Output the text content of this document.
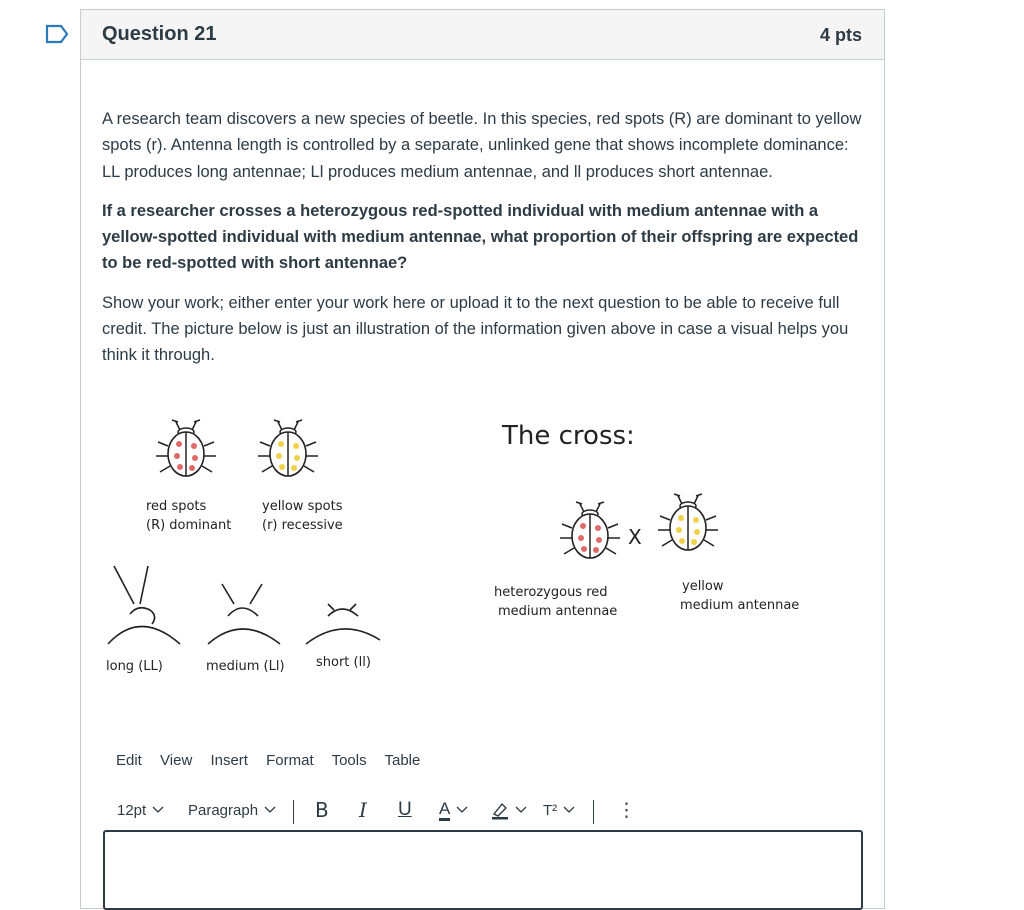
Question 21	4 pts

A research team discovers a new species of beetle. In this species, red spots (R) are dominant to yellow spots (r). Antenna length is controlled by a separate, unlinked gene that shows incomplete dominance: LL produces long antennae; Ll produces medium antennae, and ll produces short antennae.

If a researcher crosses a heterozygous red-spotted individual with medium antennae with a yellow-spotted individual with medium antennae, what proportion of their offspring are expected to be red-spotted with short antennae?

Show your work; either enter your work here or upload it to the next question to be able to receive full credit. The picture below is just an illustration of the information given above in case a visual helps you think it through.

Edit View Insert Format Tools Table
12pt	Paragraph	B I U A	T²	⋮
red spots
(R) dominant
yellow spots
(r) recessive
long (LL)	medium (Ll) short (ll)
The cross:
X
heterozygous red
medium antennae
yellow
medium antennae
